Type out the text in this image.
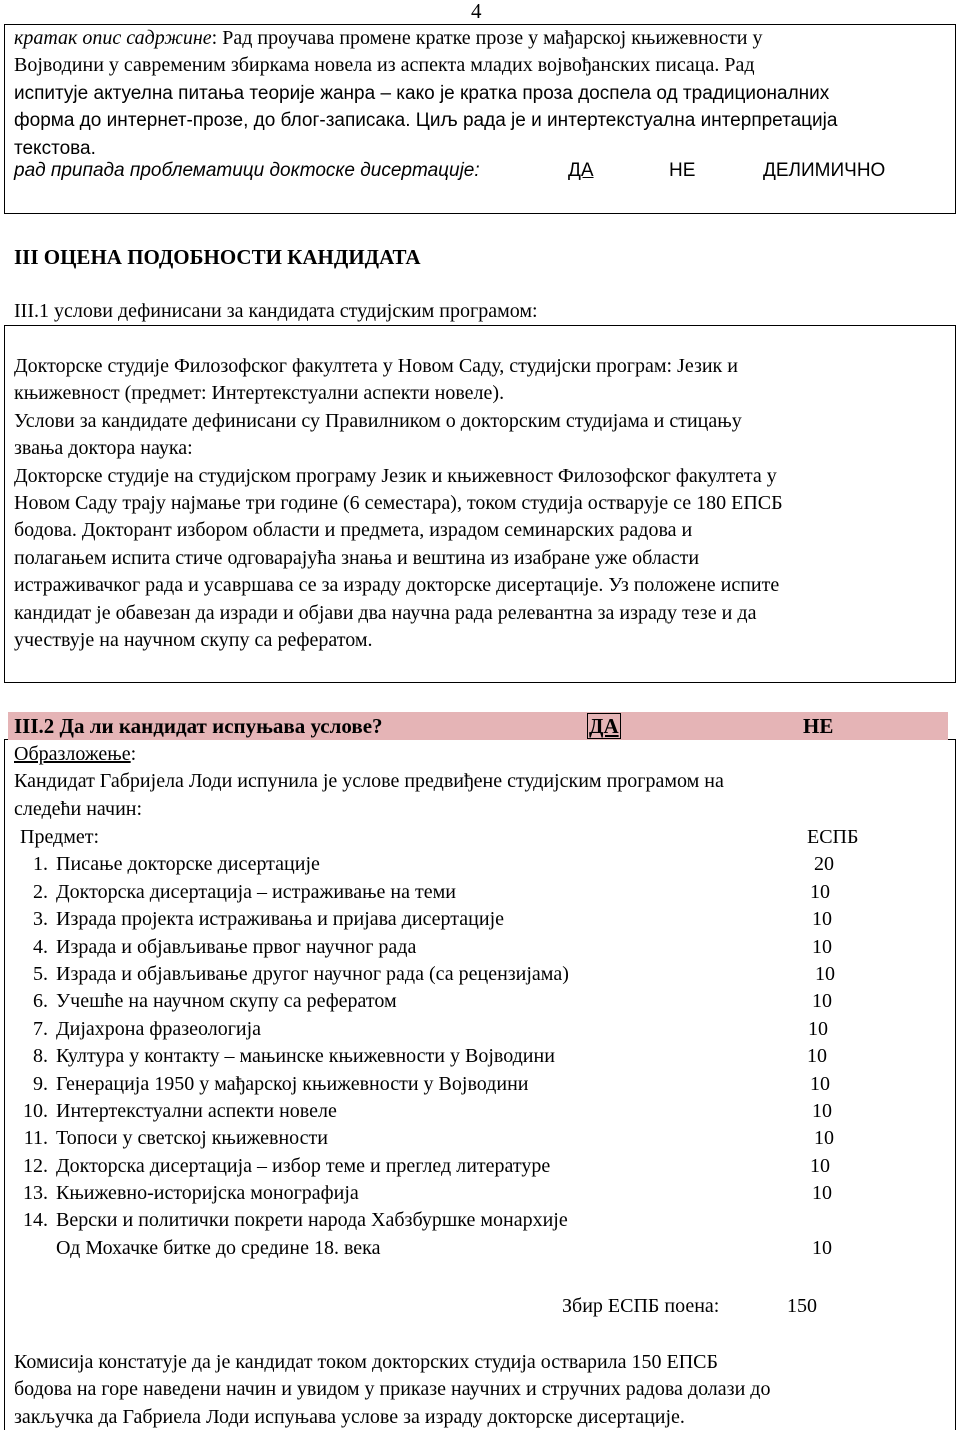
4
кратак опис садржине: Рад проучава промене кратке прозе у мађарској књижевности у
Војводини у савременим збиркама новела из аспекта младих војвођанских писаца. Рад
испитује актуелна питања теорије жанра – како је кратка проза доспела од традиционалних
форма до интернет-прозе, до блог-записака. Циљ рада је и интертекстуална интерпретација
текстова.
рад припада проблематици доктоске дисертације:	ДА	НЕ	ДЕЛИМИЧНО
III ОЦЕНА ПОДОБНОСТИ КАНДИДАТА
III.1 услови дефинисани за кандидата студијским програмом:
Докторске студије Филозофског факултета у Новом Саду, студијски програм: Језик и
књижевност (предмет: Интертекстуални аспекти новеле).
Услови за кандидате дефинисани су Правилником о докторским студијама и стицању
звања доктора наука:
Докторске студије на студијском програму Језик и књижевност Филозофског факултета у
Новом Саду трају најмање три године (6 семестара), током студија остварује се 180 ЕПСБ
бодова. Докторант избором области и предмета, израдом семинарских радова и
полагањем испита стиче одговарајућа знања и вештина из изабране уже области
истраживачког рада и усавршава се за израду докторске дисертације. Уз положене испите
кандидат је обавезан да изради и објави два научна рада релевантна за израду тезе и да
учествује на научном скупу са рефератом.
III.2 Да ли кандидат испуњава услове?	ДА	НЕ
Образложење:
Кандидат Габријела Лоди испунила је услове предвиђене студијским програмом на
следећи начин:
Предмет:	ЕСПБ
1. Писање докторске дисертације	20
2. Докторска дисертација – истраживање на теми	10
3. Израда пројекта истраживања и пријава дисертације	10
4. Израда и објављивање првог научног рада	10
5. Израда и објављивање другог научног рада (са рецензијама)	10
6. Учешће на научном скупу са рефератом	10
7. Дијахрона фразеологија	10
8. Култура у контакту – мањинске књижевности у Војводини	10
9. Генерација 1950 у мађарској књижевности у Војводини	10
10. Интертекстуални аспекти новеле	10
11. Топоси у светској књижевности	10
12. Докторска дисертација – избор теме и преглед литературе	10
13. Књижевно-историјска монографија	10
14. Верски и политички покрети народа Хабзбуршке монархије
Од Мохачке битке до средине 18. века	10
Збир ЕСПБ поена:	150
Комисија констатује да је кандидат током докторских студија остварила 150 ЕПСБ
бодова на горе наведени начин и увидом у приказе научних и стручних радова долази до
закључка да Габриела Лоди испуњава услове за израду докторске дисертације.
